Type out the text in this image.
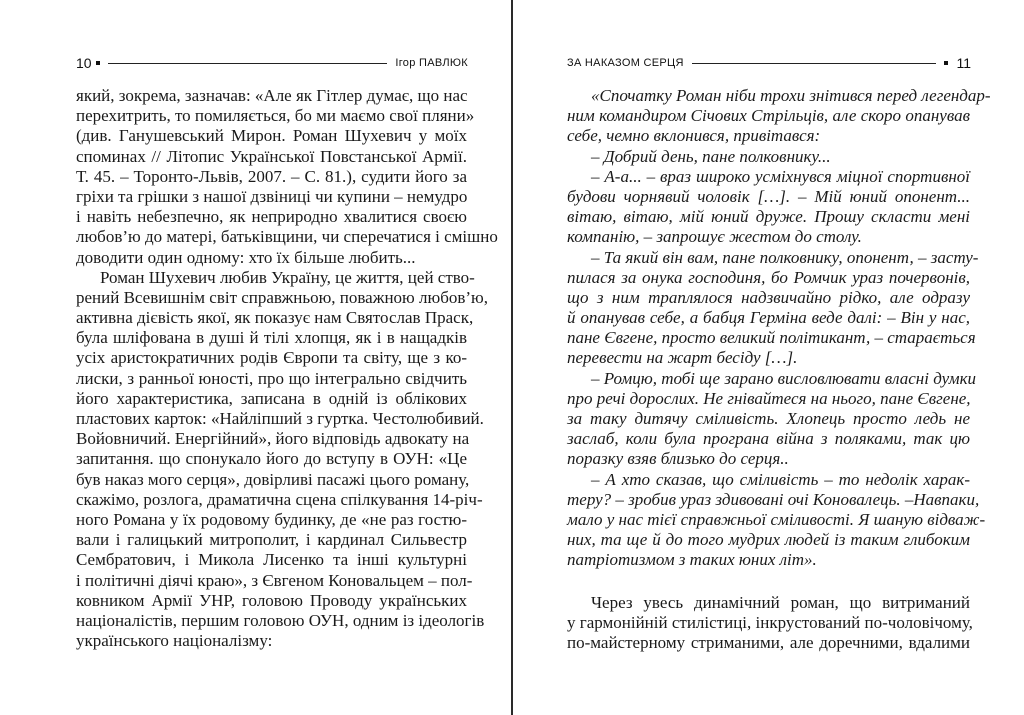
10	Ігор ПАВЛЮК
який, зокрема, зазначав: «Але як Гітлер думає, що нас
перехитрить, то помиляється, бо ми маємо свої пляни»
(див. Ганушевський Мирон. Роман Шухевич у моїх
споминах // Літопис Української Повстанської Армії.
Т. 45. – Торонто-Львів, 2007. – С. 81.), судити його за
гріхи та грішки з нашої дзвіниці чи купини – немудро
і навіть небезпечно, як неприродно хвалитися своєю
любов’ю до матері, батьківщини, чи сперечатися і смішно
доводити один одному: хто їх більше любить...
Роман Шухевич любив Україну, це життя, цей ство-
рений Всевишнім світ справжньою, поважною любов’ю,
активна дієвість якої, як показує нам Святослав Праск,
була шліфована в душі й тілі хлопця, як і в нащадків
усіх аристократичних родів Європи та світу, ще з ко-
лиски, з ранньої юності, про що інтегрально свідчить
його характеристика, записана в одній із облікових
пластових карток: «Найліпший з гуртка. Честолюбивий.
Войовничий. Енергійний», його відповідь адвокату на
запитання. що спонукало його до вступу в ОУН: «Це
був наказ мого серця», довірливі пасажі цього роману,
скажімо, розлога, драматична сцена спілкування 14-річ-
ного Романа у їх родовому будинку, де «не раз гостю-
вали і галицький митрополит, і кардинал Сильвестр
Сембратович, і Микола Лисенко та інші культурні
і політичні діячі краю», з Євгеном Коновальцем – пол-
ковником Армії УНР, головою Проводу українських
націоналістів, першим головою ОУН, одним із ідеологів
українського націоналізму:
ЗА НАКАЗОМ СЕРЦЯ	11
«Спочатку Роман ніби трохи знітився перед легендар-
ним командиром Січових Стрільців, але скоро опанував
себе, чемно вклонився, привітався:
– Добрий день, пане полковнику...
– А-а... – враз широко усміхнувся міцної спортивної
будови чорнявий чоловік […]. – Мій юний опонент...
вітаю, вітаю, мій юний друже. Прошу скласти мені
компанію, – запрошує жестом до столу.
– Та який він вам, пане полковнику, опонент, – засту-
пилася за онука господиня, бо Ромчик ураз почервонів,
що з ним траплялося надзвичайно рідко, але одразу
й опанував себе, а бабця Герміна веде далі: – Він у нас,
пане Євгене, просто великий політикант, – старається
перевести на жарт бесіду […].
– Ромцю, тобі ще зарано висловлювати власні думки
про речі дорослих. Не гнівайтеся на нього, пане Євгене,
за таку дитячу сміливість. Хлопець просто ледь не
заслаб, коли була програна війна з поляками, так цю
поразку взяв близько до серця..
– А хто сказав, що сміливість – то недолік харак-
теру? – зробив ураз здивовані очі Коновалець. –Навпаки,
мало у нас тієї справжньої сміливості. Я шаную відваж-
них, та ще й до того мудрих людей із таким глибоким
патріотизмом з таких юних літ».
Через увесь динамічний роман, що витриманий
у гармонійній стилістиці, інкрустований по-чоловічому,
по-майстерному стриманими, але доречними, вдалими
